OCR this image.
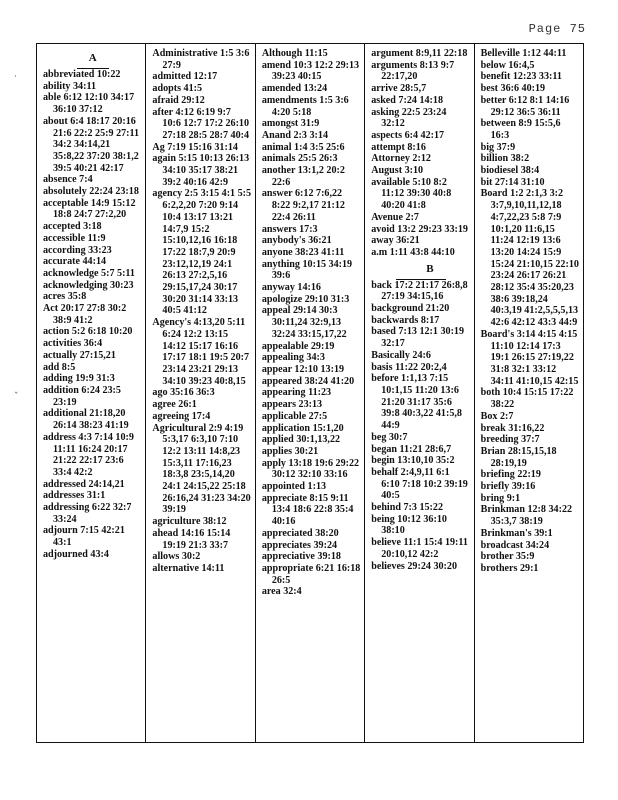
Page 75
·
ˇ
A
abbreviated 10:22
ability 34:11
able 6:12 12:10 34:17 36:10 37:12
about 6:4 18:17 20:16 21:6 22:2 25:9 27:11 34:2 34:14,21 35:8,22 37:20 38:1,2 39:5 40:21 42:17
absence 7:4
absolutely 22:24 23:18
acceptable 14:9 15:12 18:8 24:7 27:2,20
accepted 3:18
accessible 11:9
according 33:23
accurate 44:14
acknowledge 5:7 5:11
acknowledging 30:23
acres 35:8
Act 20:17 27:8 30:2 38:9 41:2
action 5:2 6:18 10:20
activities 36:4
actually 27:15,21
add 8:5
adding 19:9 31:3
addition 6:24 23:5 23:19
additional 21:18,20 26:14 38:23 41:19
address 4:3 7:14 10:9 11:11 16:24 20:17 21:22 22:17 23:6 33:4 42:2
addressed 24:14,21
addresses 31:1
addressing 6:22 32:7 33:24
adjourn 7:15 42:21 43:1
adjourned 43:4
Administrative 1:5 3:6 27:9
admitted 12:17
adopts 41:5
afraid 29:12
after 4:12 6:19 9:7 10:6 12:7 17:2 26:10 27:18 28:5 28:7 40:4
Ag 7:19 15:16 31:14
again 5:15 10:13 26:13 34:10 35:17 38:21 39:2 40:16 42:9
agency 2:5 3:15 4:1 5:5 6:2,2,20 7:20 9:14 10:4 13:17 13:21 14:7,9 15:2 15:10,12,16 16:18 17:22 18:7,9 20:9 23:12,12,19 24:1 26:13 27:2,5,16 29:15,17,24 30:17 30:20 31:14 33:13 40:5 41:12
Agency's 4:13,20 5:11 6:24 12:2 13:15 14:12 15:17 16:16 17:17 18:1 19:5 20:7 23:14 23:21 29:13 34:10 39:23 40:8,15
ago 35:16 36:3
agree 26:1
agreeing 17:4
Agricultural 2:9 4:19 5:3,17 6:3,10 7:10 12:2 13:11 14:8,23 15:3,11 17:16,23 18:3,8 23:5,14,20 24:1 24:15,22 25:18 26:16,24 31:23 34:20 39:19
agriculture 38:12
ahead 14:16 15:14 19:19 21:3 33:7
allows 30:2
alternative 14:11
Although 11:15
amend 10:3 12:2 29:13 39:23 40:15
amended 13:24
amendments 1:5 3:6 4:20 5:18
amongst 31:9
Anand 2:3 3:14
animal 1:4 3:5 25:6
animals 25:5 26:3
another 13:1,2 20:2 22:6
answer 6:12 7:6,22 8:22 9:2,17 21:12 22:4 26:11
answers 17:3
anybody's 36:21
anyone 38:23 41:11
anything 10:15 34:19 39:6
anyway 14:16
apologize 29:10 31:3
appeal 29:14 30:3 30:11,24 32:9,13 32:24 33:15,17,22
appealable 29:19
appealing 34:3
appear 12:10 13:19
appeared 38:24 41:20
appearing 11:23
appears 23:13
applicable 27:5
application 15:1,20
applied 30:1,13,22
applies 30:21
apply 13:18 19:6 29:22 30:12 32:10 33:16
appointed 1:13
appreciate 8:15 9:11 13:4 18:6 22:8 35:4 40:16
appreciated 38:20
appreciates 39:24
appreciative 39:18
appropriate 6:21 16:18 26:5
area 32:4
argument 8:9,11 22:18
arguments 8:13 9:7 22:17,20
arrive 28:5,7
asked 7:24 14:18
asking 22:5 23:24 32:12
aspects 6:4 42:17
attempt 8:16
Attorney 2:12
August 3:10
available 5:10 8:2 11:12 39:30 40:8 40:20 41:8
Avenue 2:7
avoid 13:2 29:23 33:19
away 36:21
a.m 1:11 43:8 44:10
B
back 17:2 21:17 26:8,8 27:19 34:15,16
background 21:20
backwards 8:17
based 7:13 12:1 30:19 32:17
Basically 24:6
basis 11:22 20:2,4
before 1:1,13 7:15 10:1,15 11:20 13:6 21:20 31:17 35:6 39:8 40:3,22 41:5,8 44:9
beg 30:7
began 11:21 28:6,7
begin 13:10,10 35:2
behalf 2:4,9,11 6:1 6:10 7:18 10:2 39:19 40:5
behind 7:3 15:22
being 10:12 36:10 38:10
believe 11:1 15:4 19:11 20:10,12 42:2
believes 29:24 30:20
Belleville 1:12 44:11
below 16:4,5
benefit 12:23 33:11
best 36:6 40:19
better 6:12 8:1 14:16 29:12 36:5 36:11
between 8:9 15:5,6 16:3
big 37:9
billion 38:2
biodiesel 38:4
bit 27:14 31:10
Board 1:2 2:1,3 3:2 3:7,9,10,11,12,18 4:7,22,23 5:8 7:9 10:1,20 11:6,15 11:24 12:19 13:6 13:20 14:24 15:9 15:24 21:10,15 22:10 23:24 26:17 26:21 28:12 35:4 35:20,23 38:6 39:18,24 40:3,19 41:2,5,5,5,13 42:6 42:12 43:3 44:9
Board's 3:14 4:15 4:15 11:10 12:14 17:3 19:1 26:15 27:19,22 31:8 32:1 33:12 34:11 41:10,15 42:15
both 10:4 15:15 17:22 38:22
Box 2:7
break 31:16,22
breeding 37:7
Brian 28:15,15,18 28:19,19
briefing 22:19
briefly 39:16
bring 9:1
Brinkman 12:8 34:22 35:3,7 38:19
Brinkman's 39:1
broadcast 34:24
brother 35:9
brothers 29:1
